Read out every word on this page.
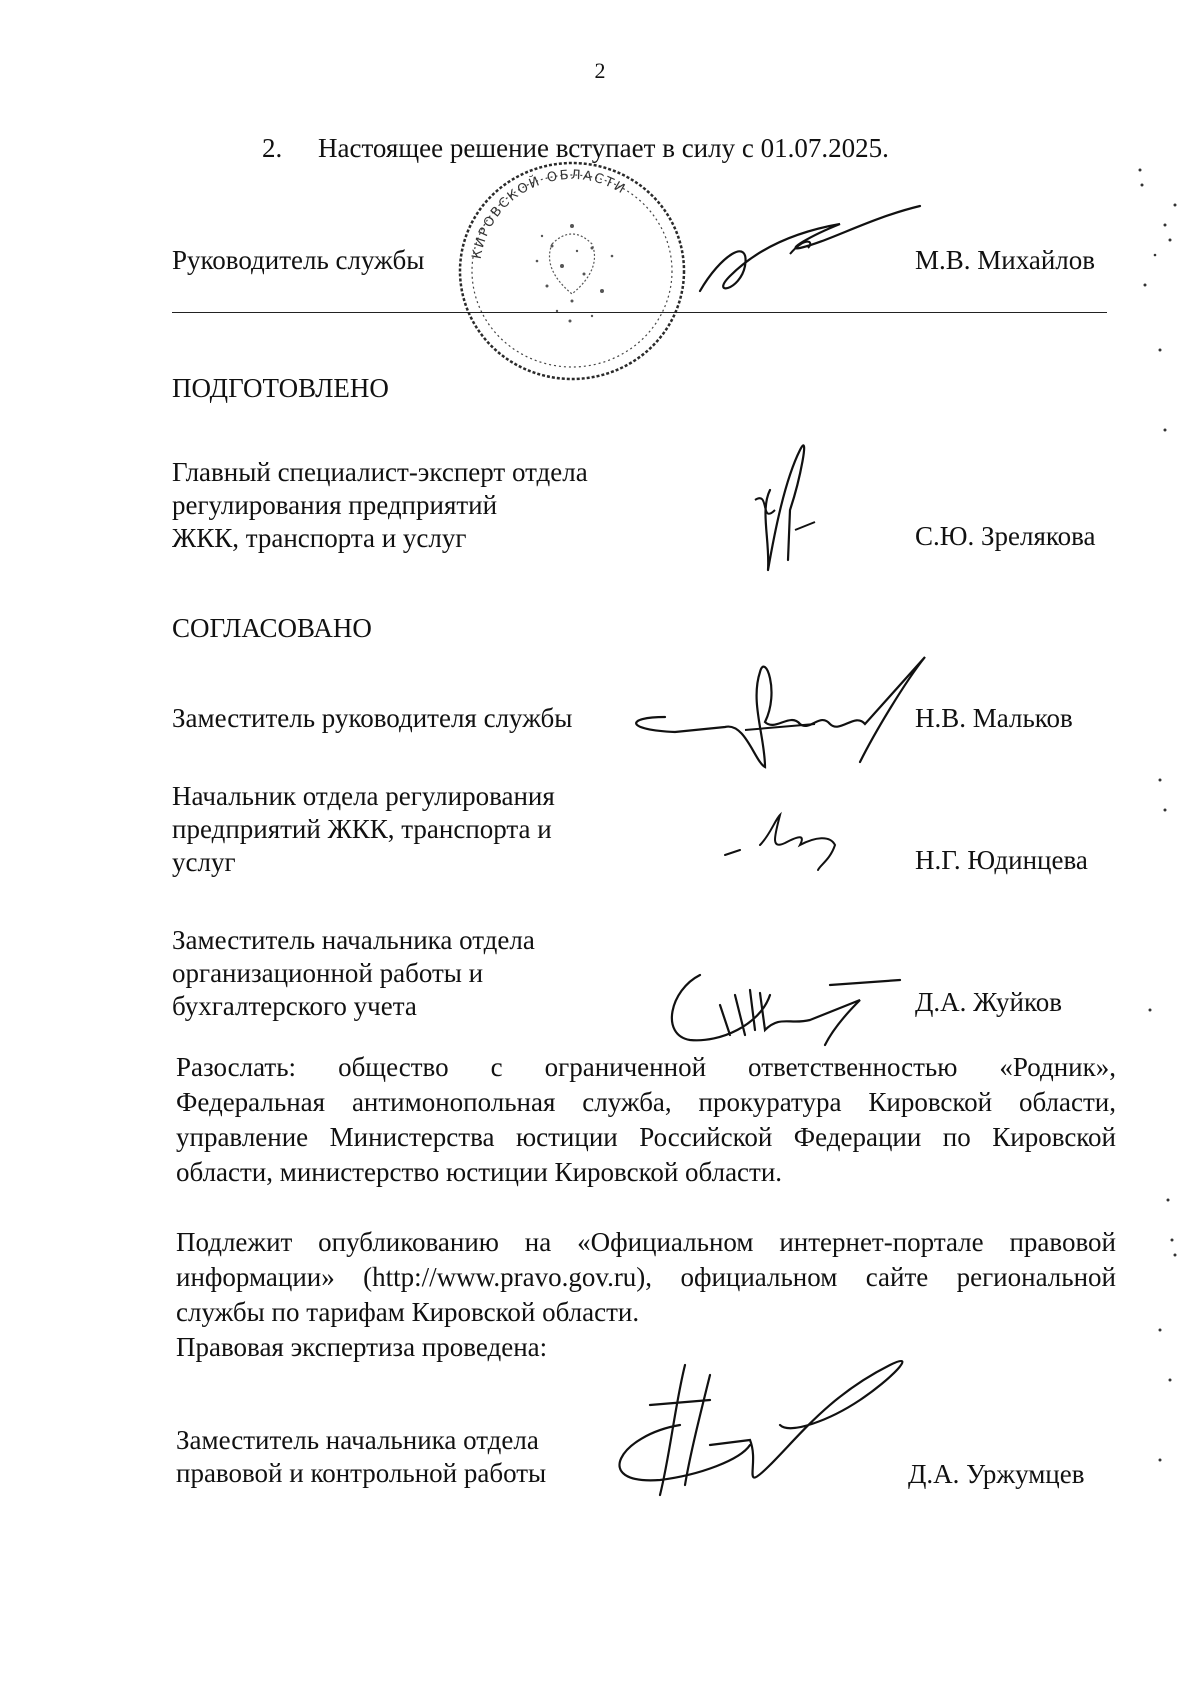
2
2. Настоящее решение вступает в силу с 01.07.2025.
КИРОВСКОЙ ОБЛАСТИ
Руководитель службы	М.В. Михайлов
ПОДГОТОВЛЕНО
Главный специалист-эксперт отдела
регулирования предприятий
ЖКК, транспорта и услуг	С.Ю. Зрелякова
СОГЛАСОВАНО
Заместитель руководителя службы	Н.В. Мальков
Начальник отдела регулирования
предприятий ЖКК, транспорта и
услуг	Н.Г. Юдинцева
Заместитель начальника отдела
организационной работы и
бухгалтерского учета	Д.А. Жуйков
Разослать: общество с ограниченной ответственностью «Родник»,
Федеральная антимонопольная служба, прокуратура Кировской области,
управление Министерства юстиции Российской Федерации по Кировской
области, министерство юстиции Кировской области.
Подлежит опубликованию на «Официальном интернет-портале правовой
информации» (http://www.pravo.gov.ru), официальном сайте региональной
службы по тарифам Кировской области.
Правовая экспертиза проведена:
Заместитель начальника отдела
правовой и контрольной работы	Д.А. Уржумцев
